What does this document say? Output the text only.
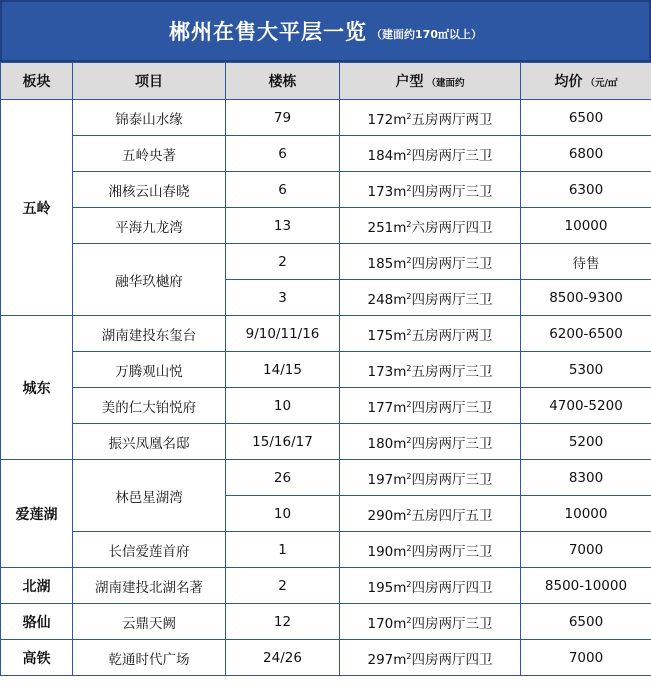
郴州在售大平层一览 （建面约170㎡以上）
板块	项目	楼栋	户型 （建面约	均价 （元/㎡
五岭	锦泰山水缘	79	$172m^2$五房两厅两卫	6500
	五岭央著	6	$184m^2$四房两厅三卫	6800
	湘核云山春晓	6	$173m^2$四房两厅三卫	6300
	平海九龙湾	13	$251m^2$六房两厅四卫	10000
	融华玖樾府	2	$185m^2$四房两厅三卫	待售
		3	$248m^2$四房两厅三卫	8500-9300
城东	湖南建投东玺台	9/10/11/16	$175m^2$五房两厅两卫	6200-6500
	万腾观山悦	14/15	$173m^2$五房两厅三卫	5300
	美的仁大铂悦府	10	$177m^2$四房两厅三卫	4700-5200
	振兴凤凰名邸	15/16/17	$180m^2$四房两厅三卫	5200
爱莲湖	林邑星湖湾	26	$197m^2$四房两厅三卫	8300
		10	$290m^2$五房四厅五卫	10000
	长信爱莲首府	1	$190m^2$四房两厅三卫	7000
北湖	湖南建投北湖名著	2	$195m^2$四房两厅四卫	8500-10000
骆仙	云鼎天阙	12	$170m^2$四房两厅三卫	6500
高铁	乾通时代广场	24/26	$297m^2$四房两厅四卫	7000
